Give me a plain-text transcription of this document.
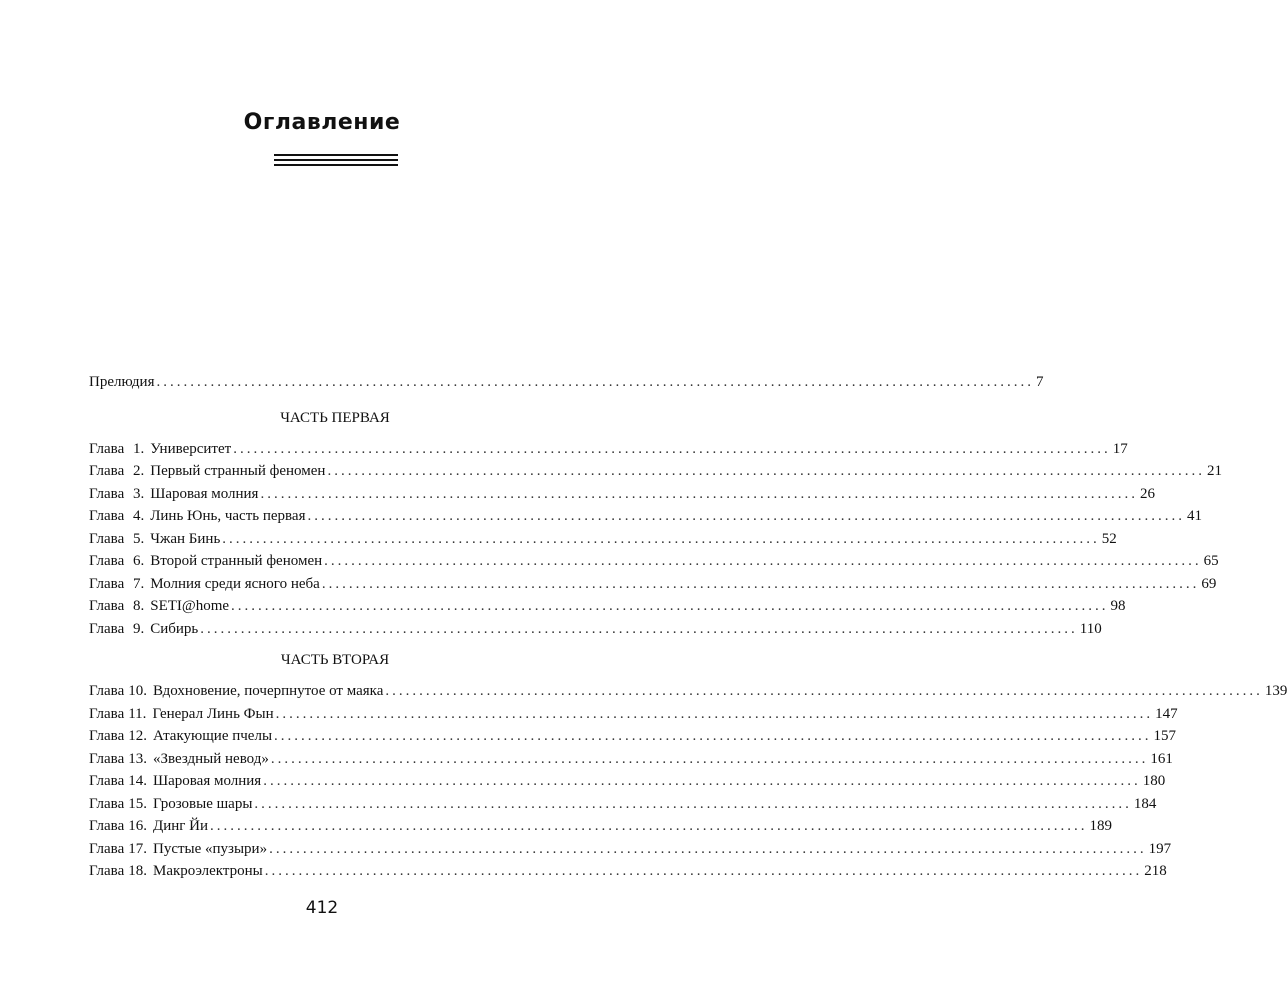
Оглавление
Прелюдия .................................................................................................................................. 7
ЧАСТЬ ПЕРВАЯ
Глава 1. Университет .................................................................................................................................. 17
Глава 2. Первый странный феномен .................................................................................................................................. 21
Глава 3. Шаровая молния .................................................................................................................................. 26
Глава 4. Линь Юнь, часть первая .................................................................................................................................. 41
Глава 5. Чжан Бинь .................................................................................................................................. 52
Глава 6. Второй странный феномен .................................................................................................................................. 65
Глава 7. Молния среди ясного неба .................................................................................................................................. 69
Глава 8. SETI@home .................................................................................................................................. 98
Глава 9. Сибирь .................................................................................................................................. 110
ЧАСТЬ ВТОРАЯ
Глава 10. Вдохновение, почерпнутое от маяка .................................................................................................................................. 139
Глава 11. Генерал Линь Фын .................................................................................................................................. 147
Глава 12. Атакующие пчелы .................................................................................................................................. 157
Глава 13. «Звездный невод» .................................................................................................................................. 161
Глава 14. Шаровая молния .................................................................................................................................. 180
Глава 15. Грозовые шары .................................................................................................................................. 184
Глава 16. Динг Йи .................................................................................................................................. 189
Глава 17. Пустые «пузыри» .................................................................................................................................. 197
Глава 18. Макроэлектроны .................................................................................................................................. 218
412
